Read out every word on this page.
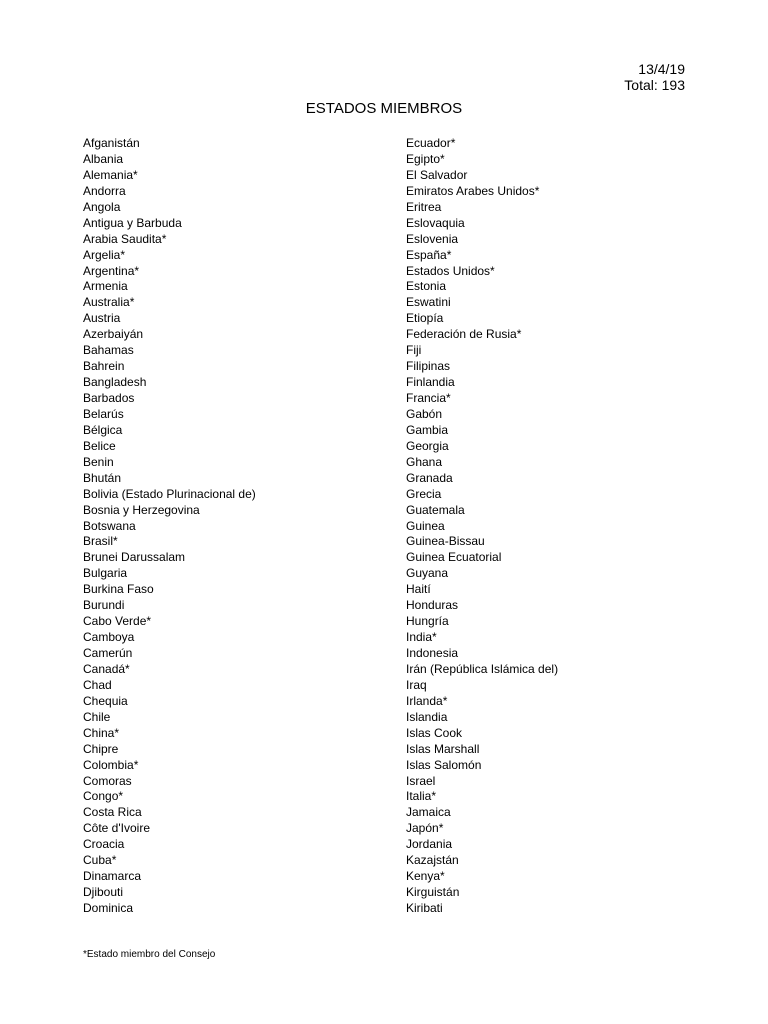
13/4/19
Total: 193
ESTADOS MIEMBROS
Afganistán
Albania
Alemania*
Andorra
Angola
Antigua y Barbuda
Arabia Saudita*
Argelia*
Argentina*
Armenia
Australia*
Austria
Azerbaiyán
Bahamas
Bahrein
Bangladesh
Barbados
Belarús
Bélgica
Belice
Benin
Bhután
Bolivia (Estado Plurinacional de)
Bosnia y Herzegovina
Botswana
Brasil*
Brunei Darussalam
Bulgaria
Burkina Faso
Burundi
Cabo Verde*
Camboya
Camerún
Canadá*
Chad
Chequia
Chile
China*
Chipre
Colombia*
Comoras
Congo*
Costa Rica
Côte d'Ivoire
Croacia
Cuba*
Dinamarca
Djibouti
Dominica
Ecuador*
Egipto*
El Salvador
Emiratos Arabes Unidos*
Eritrea
Eslovaquia
Eslovenia
España*
Estados Unidos*
Estonia
Eswatini
Etiopía
Federación de Rusia*
Fiji
Filipinas
Finlandia
Francia*
Gabón
Gambia
Georgia
Ghana
Granada
Grecia
Guatemala
Guinea
Guinea-Bissau
Guinea Ecuatorial
Guyana
Haití
Honduras
Hungría
India*
Indonesia
Irán (República Islámica del)
Iraq
Irlanda*
Islandia
Islas Cook
Islas Marshall
Islas Salomón
Israel
Italia*
Jamaica
Japón*
Jordania
Kazajstán
Kenya*
Kirguistán
Kiribati
*Estado miembro del Consejo
